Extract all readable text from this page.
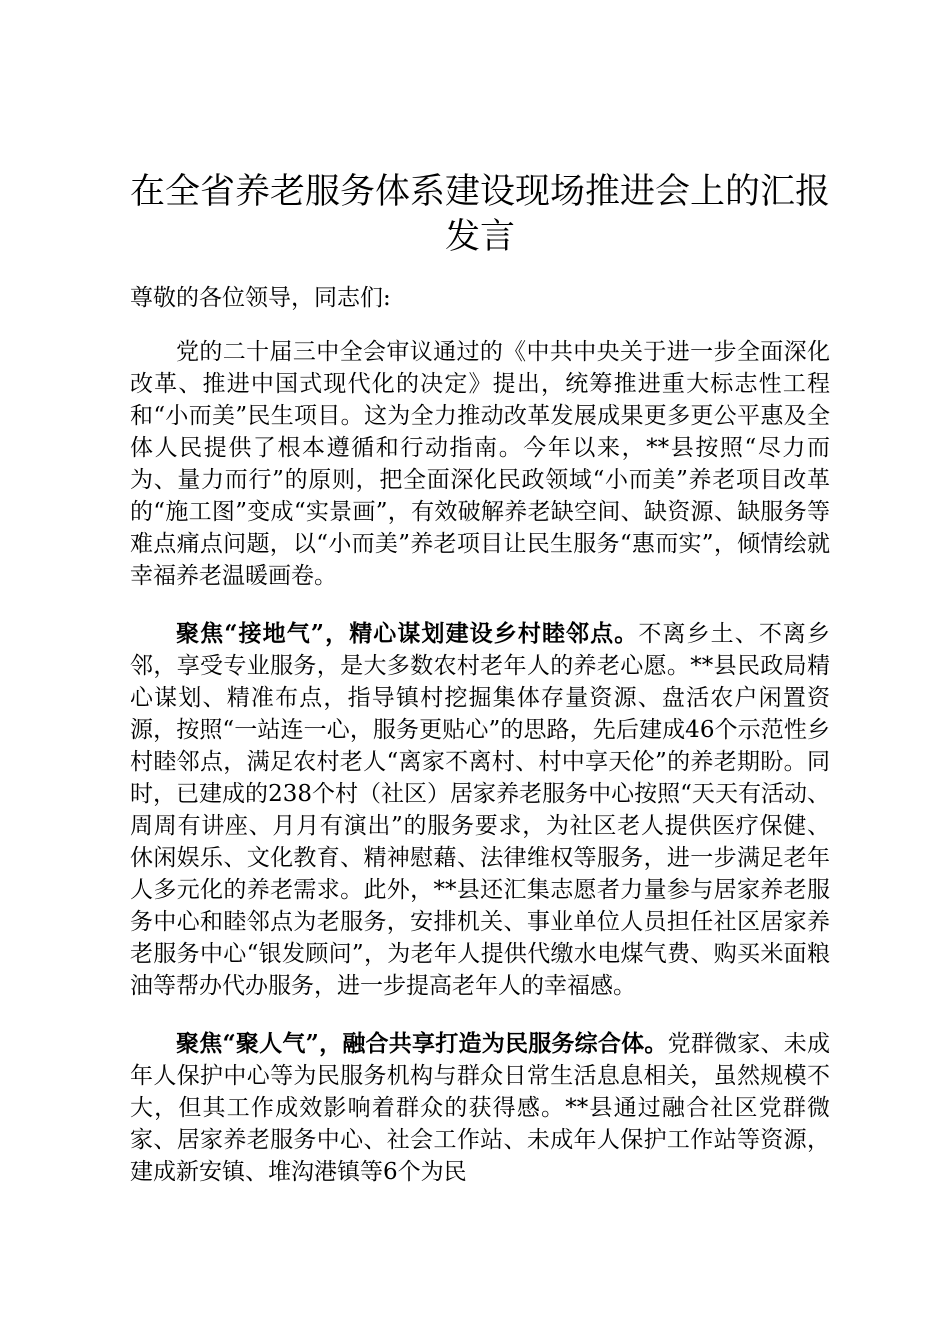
在全省养老服务体系建设现场推进会上的汇报发言

尊敬的各位领导，同志们:

党的二十届三中全会审议通过的《中共中央关于进一步全面深化改革、推进中国式现代化的决定》提出，统筹推进重大标志性工程和“小而美”民生项目。这为全力推动改革发展成果更多更公平惠及全体人民提供了根本遵循和行动指南。今年以来，**县按照“尽力而为、量力而行”的原则，把全面深化民政领域“小而美”养老项目改革的“施工图”变成“实景画”，有效破解养老缺空间、缺资源、缺服务等难点痛点问题，以“小而美”养老项目让民生服务“惠而实”，倾情绘就幸福养老温暖画卷。

聚焦“接地气”，精心谋划建设乡村睦邻点。不离乡土、不离乡邻，享受专业服务，是大多数农村老年人的养老心愿。**县民政局精心谋划、精准布点，指导镇村挖掘集体存量资源、盘活农户闲置资源，按照“一站连一心，服务更贴心”的思路，先后建成46个示范性乡村睦邻点，满足农村老人“离家不离村、村中享天伦”的养老期盼。同时，已建成的238个村（社区）居家养老服务中心按照“天天有活动、周周有讲座、月月有演出”的服务要求，为社区老人提供医疗保健、休闲娱乐、文化教育、精神慰藉、法律维权等服务，进一步满足老年人多元化的养老需求。此外，**县还汇集志愿者力量参与居家养老服务中心和睦邻点为老服务，安排机关、事业单位人员担任社区居家养老服务中心“银发顾问”，为老年人提供代缴水电煤气费、购买米面粮油等帮办代办服务，进一步提高老年人的幸福感。

聚焦“聚人气”，融合共享打造为民服务综合体。党群微家、未成年人保护中心等为民服务机构与群众日常生活息息相关，虽然规模不大，但其工作成效影响着群众的获得感。**县通过融合社区党群微家、居家养老服务中心、社会工作站、未成年人保护工作站等资源，建成新安镇、堆沟港镇等6个为民
